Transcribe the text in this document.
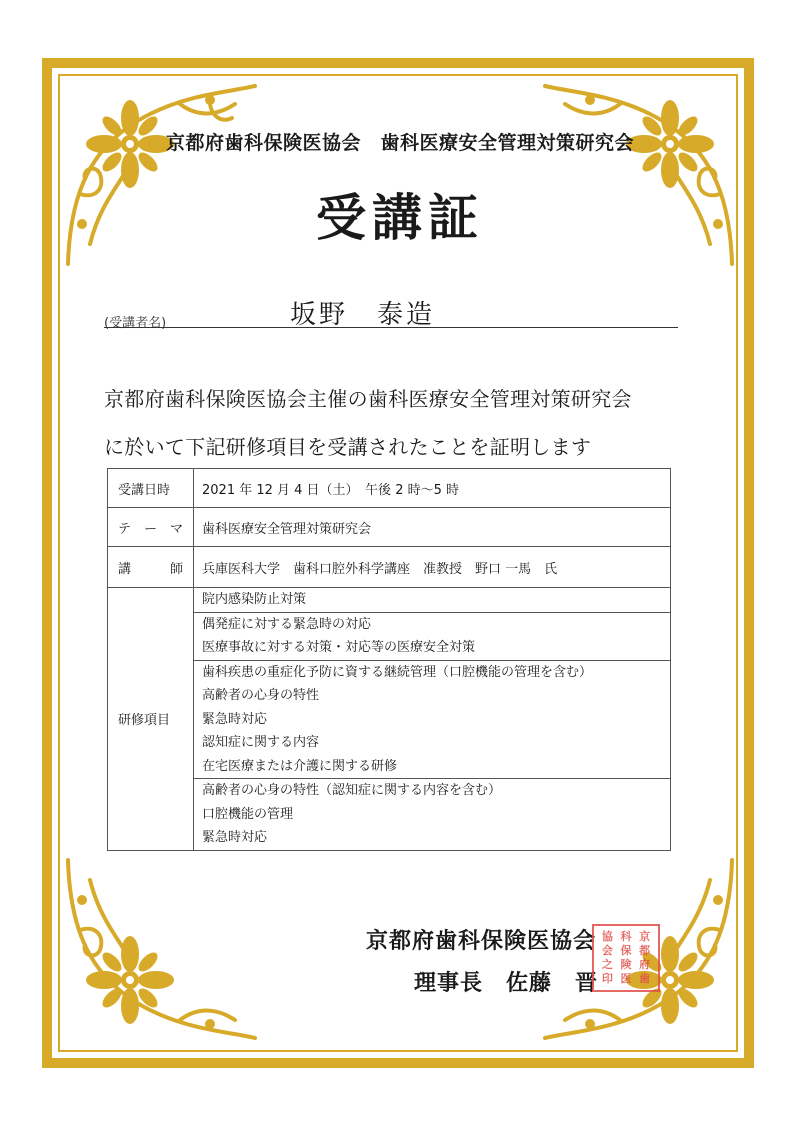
京都府歯科保険医協会　歯科医療安全管理対策研究会
受講証
(受講者名)	坂野　泰造
京都府歯科保険医協会主催の歯科医療安全管理対策研究会
に於いて下記研修項目を受講されたことを証明します
受講日時	2021 年 12 月 4 日（土）　午後 2 時〜5 時
テ　ー　マ	歯科医療安全管理対策研究会
講　　　師	兵庫医科大学　歯科口腔外科学講座　准教授　野口 一馬　氏
研修項目	院内感染防止対策

	偶発症に対する緊急時の対応
医療事故に対する対策・対応等の医療安全対策

	歯科疾患の重症化予防に資する継続管理（口腔機能の管理を含む）
高齢者の心身の特性
緊急時対応
認知症に関する内容
在宅医療または介護に関する研修

	高齢者の心身の特性（認知症に関する内容を含む）
口腔機能の管理
緊急時対応
京都府歯科保険医協会
理事長　佐藤　晋
協 科 京
会 保 都
之 険 府
印 医 歯
